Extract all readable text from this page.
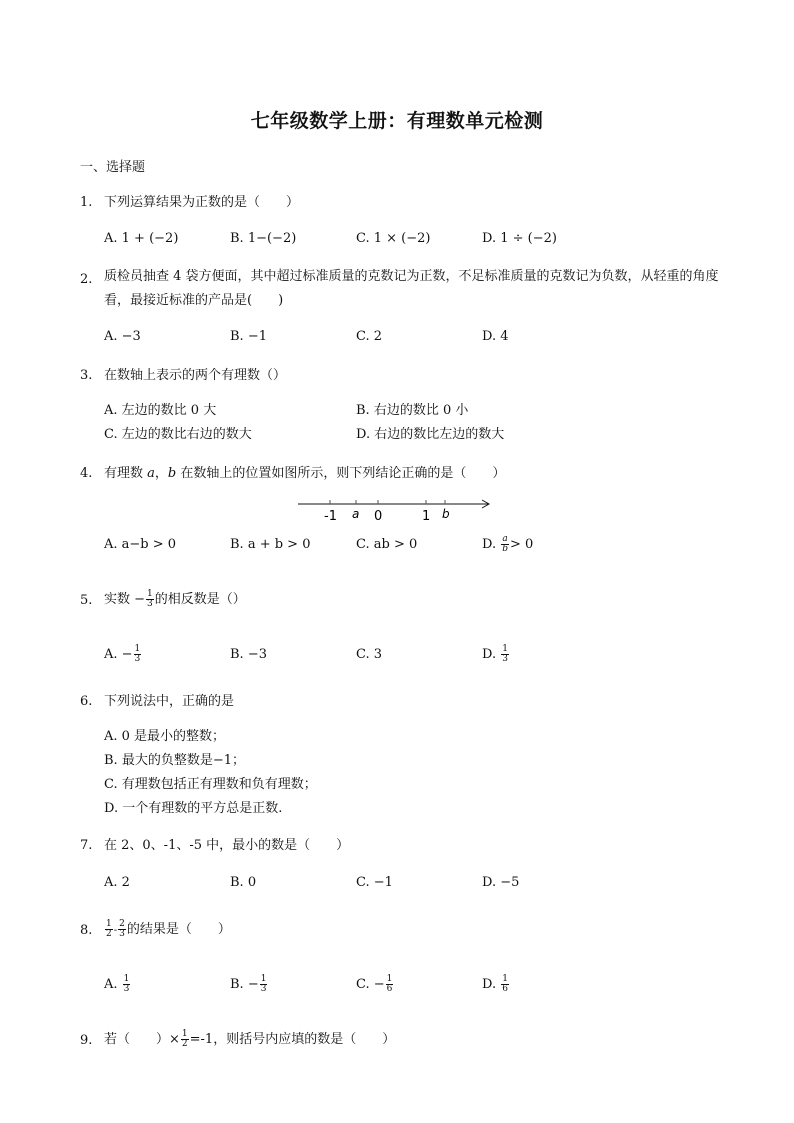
七年级数学上册：有理数单元检测
一、选择题
1. 下列运算结果为正数的是（　　）
A. 1 + (−2)	B. 1−(−2)	C. 1 × (−2)	D. 1 ÷ (−2)
2. 质检员抽查 4 袋方便面，其中超过标准质量的克数记为正数，不足标准质量的克数记为负数，从轻重的角度看，最接近标准的产品是(　　)
A. −3	B. −1	C. 2	D. 4
3. 在数轴上表示的两个有理数（）
A. 左边的数比 0 大	B. 右边的数比 0 小
C. 左边的数比右边的数大	D. 右边的数比左边的数大
4. 有理数 a，b 在数轴上的位置如图所示，则下列结论正确的是（　　）
-1 a 0	1 b
A. a−b > 0	B. a + b > 0	C. ab > 0	D. $\frac{a}{b} > 0$
5. 实数 − $\frac{1}{3}$ 的相反数是（）
A. − $\frac{1}{3}$	B. −3	C. 3	D. $\frac{1}{3}$
6. 下列说法中，正确的是
A. 0 是最小的整数；
B. 最大的负整数是−1；
C. 有理数包括正有理数和负有理数；
D. 一个有理数的平方总是正数.
7. 在 2、0、-1、-5 中，最小的数是（　　）
A. 2	B. 0	C. −1	D. −5
8.	$\frac{1}{2} - \frac{2}{3}$ 的结果是（　　）
A. $\frac{1}{3}$	B. − $\frac{1}{3}$	C. − $\frac{1}{6}$	D. $\frac{1}{6}$
9. 若（　　）× $\frac{1}{2} =-1$，则括号内应填的数是（　　）
